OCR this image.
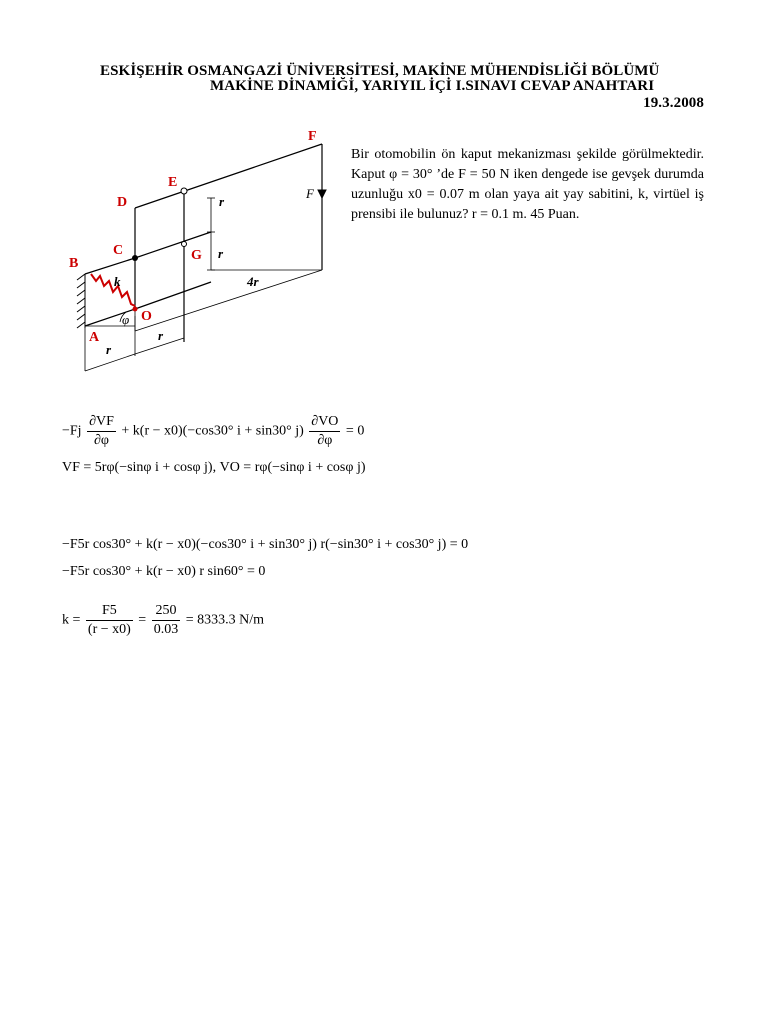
ESKİŞEHİR OSMANGAZİ ÜNİVERSİTESİ, MAKİNE MÜHENDİSLİĞİ BÖLÜMÜ
MAKİNE DİNAMİĞİ, YARIYIL İÇİ I.SINAVI CEVAP ANAHTARI
19.3.2008
F
E
D
C	G
B
O
A
F
r
r
4r
r
r
k
φ
Bir otomobilin ön kaput mekanizması şekilde görülmektedir. Kaput φ = 30° ’de F = 50 N iken dengede ise gevşek durumda uzunluğu x0 = 0.07 m olan yaya ait yay sabitini, k, virtüel iş prensibi ile bulunuz? r = 0.1 m. 45 Puan.
$-Fj \frac{\partial VF}{\partial\varphi} + k(r - x0)(-\cos 30^\circ$ i + sin30° $j) \frac{\partial VO}{\partial\varphi} = 0$
VF = 5rφ(−sinφ i + cosφ j), VO = rφ(−sinφ i + cosφ j)
−F5r cos30° + k(r − x0)(−cos30° i + sin30° j) r(−sin30° i + cos30° j) = 0
−F5r cos30° + k(r − x0) r sin60° = 0
$k = \frac{F5}{(r - x0)} = \frac{250}{0.03} = 8333.3$ N/m
